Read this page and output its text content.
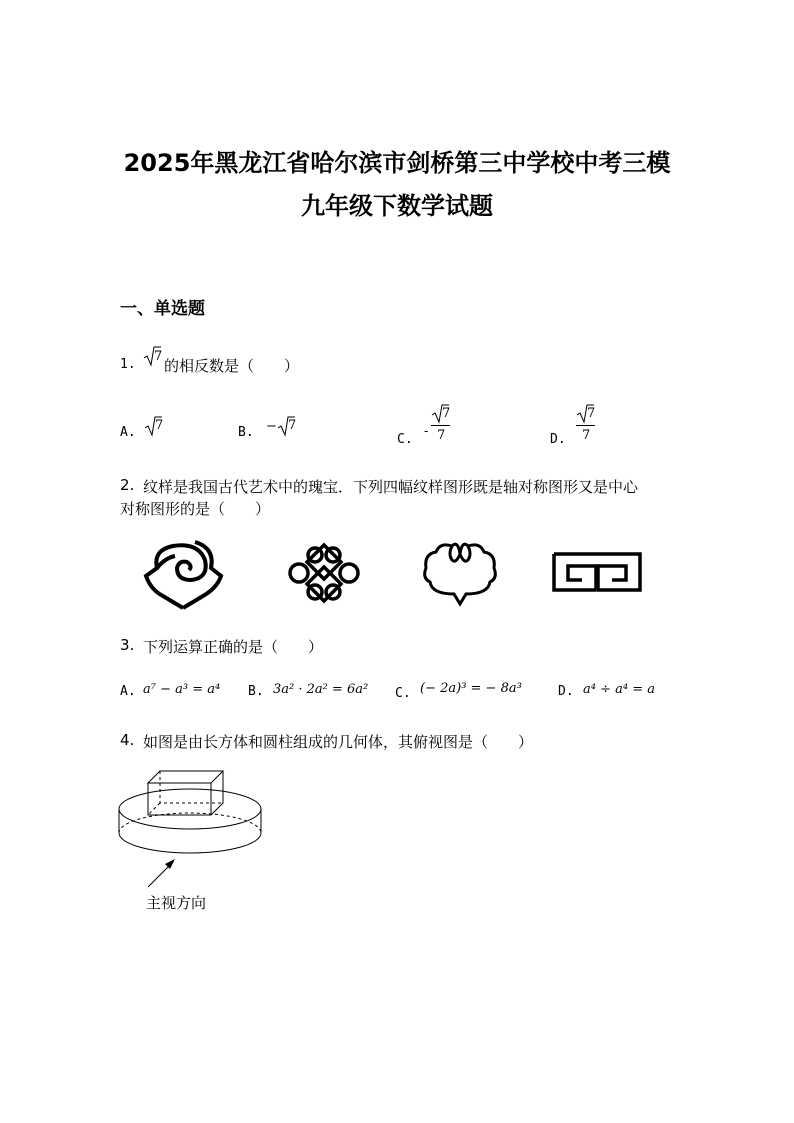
2025年黑龙江省哈尔滨市剑桥第三中学校中考三模
九年级下数学试题
一、单选题
1.
7
的相反数是（　　）
A. 7	B. − 7
C.
-
7
7	D.
7
7
2. 纹样是我国古代艺术中的瑰宝．下列四幅纹样图形既是轴对称图形又是中心
对称图形的是（　　）
3. 下列运算正确的是（　　）
A. a⁷ − a³ = a⁴ B. 3a² · 2a² = 6a² C. (− 2a)³ = − 8a³	D. a⁴ ÷ a⁴ = a
4. 如图是由长方体和圆柱组成的几何体，其俯视图是（　　）
主视方向
